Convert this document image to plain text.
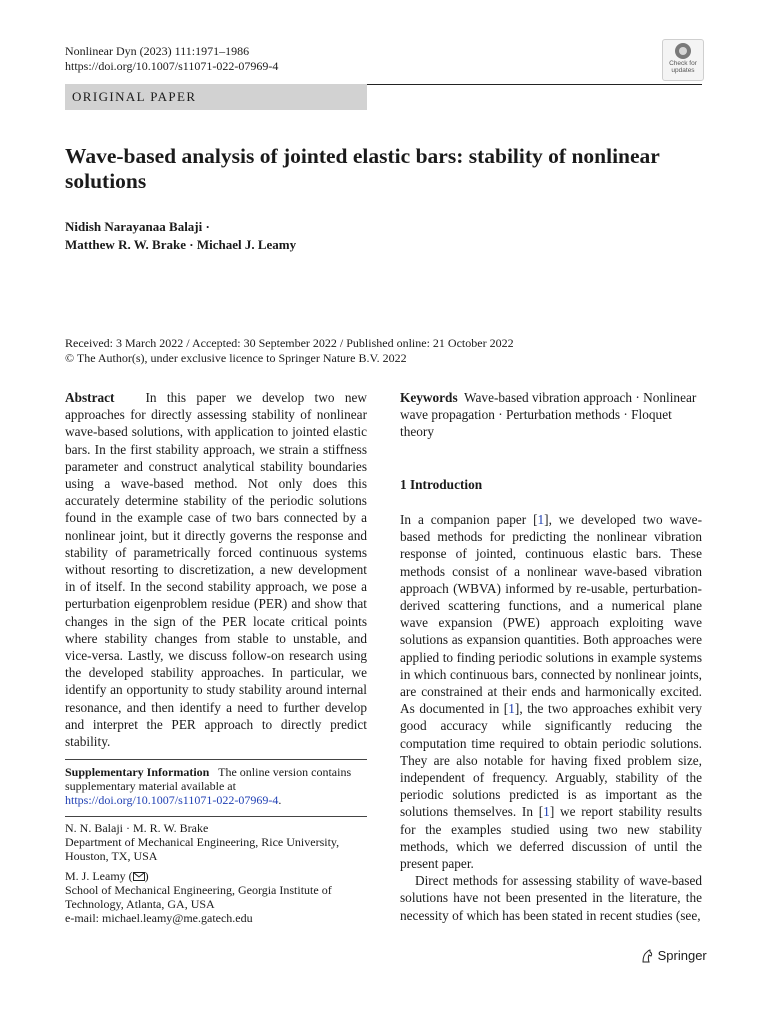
Nonlinear Dyn (2023) 111:1971–1986
https://doi.org/10.1007/s11071-022-07969-4	Check for
updates
ORIGINAL PAPER
Wave-based analysis of jointed elastic bars: stability of nonlinear solutions
Nidish Narayanaa Balaji ·
Matthew R. W. Brake · Michael J. Leamy
Received: 3 March 2022 / Accepted: 30 September 2022 / Published online: 21 October 2022
© The Author(s), under exclusive licence to Springer Nature B.V. 2022
Abstract In this paper we develop two new approaches for directly assessing stability of nonlinear wave-based solutions, with application to jointed elastic bars. In the first stability approach, we strain a stiffness parameter and construct analytical stability boundaries using a wave-based method. Not only does this accurately determine stability of the periodic solutions found in the example case of two bars connected by a nonlinear joint, but it directly governs the response and stability of parametrically forced continuous systems without resorting to discretization, a new development in of itself. In the second stability approach, we pose a perturbation eigenproblem residue (PER) and show that changes in the sign of the PER locate critical points where stability changes from stable to unstable, and vice-versa. Lastly, we discuss follow-on research using the developed stability approaches. In particular, we identify an opportunity to study stability around internal resonance, and then identify a need to further develop and interpret the PER approach to directly predict stability.
Supplementary Information The online version contains supplementary material available at https://doi.org/10.1007/s11071-022-07969-4.
N. N. Balaji · M. R. W. Brake
Department of Mechanical Engineering, Rice University, Houston, TX, USA
M. J. Leamy ( )
School of Mechanical Engineering, Georgia Institute of Technology, Atlanta, GA, USA
e-mail: michael.leamy@me.gatech.edu
Keywords Wave-based vibration approach · Nonlinear wave propagation · Perturbation methods · Floquet theory
1 Introduction

In a companion paper [1], we developed two wave-based methods for predicting the nonlinear vibration response of jointed, continuous elastic bars. These methods consist of a nonlinear wave-based vibration approach (WBVA) informed by re-usable, perturbation-derived scattering functions, and a numerical plane wave expansion (PWE) approach exploiting wave solutions as expansion quantities. Both approaches were applied to finding periodic solutions in example systems in which continuous bars, connected by nonlinear joints, are constrained at their ends and harmonically excited. As documented in [1], the two approaches exhibit very good accuracy while significantly reducing the computation time required to obtain periodic solutions. They are also notable for having fixed problem size, independent of frequency. Arguably, stability of the periodic solutions predicted is as important as the solutions themselves. In [1] we report stability results for the examples studied using two new stability methods, which we deferred discussion of until the present paper.

Direct methods for assessing stability of wave-based solutions have not been presented in the literature, the necessity of which has been stated in recent studies (see,

Springer
